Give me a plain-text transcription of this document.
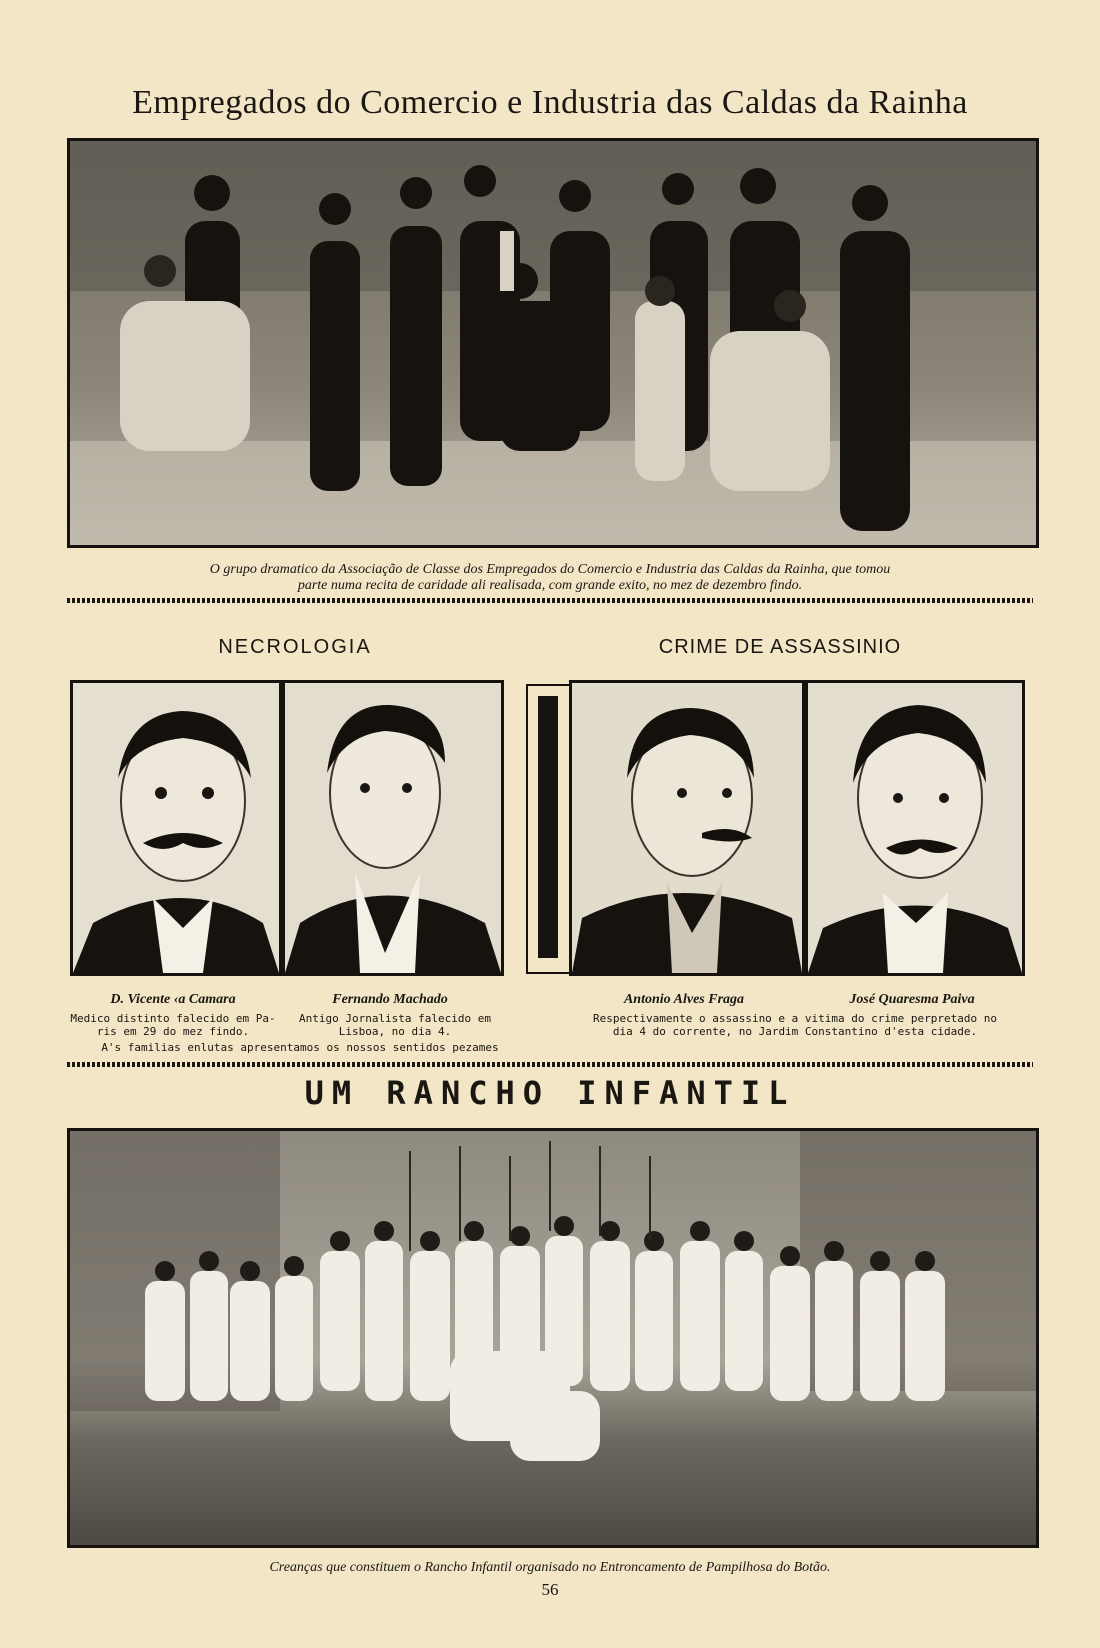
Empregados do Comercio e Industria das Caldas da Rainha
O grupo dramatico da Associação de Classe dos Empregados do Comercio e Industria das Caldas da Rainha, que tomou
parte numa recita de caridade ali realisada, com grande exito, no mez de dezembro findo.
NECROLOGIA	CRIME DE ASSASSINIO
D. Vicente ‹a Camara	Fernando Machado	Antonio Alves Fraga	José Quaresma Paiva
Medico distinto falecido em Pa-
ris em 29 do mez findo.
Antigo Jornalista falecido em
Lisboa, no dia 4.
A's familias enlutas apresentamos os nossos sentidos pezames
Respectivamente o assassino e a vitima do crime perpretado no
dia 4 do corrente, no Jardim Constantino d'esta cidade.
UM RANCHO INFANTIL
Creanças que constituem o Rancho Infantil organisado no Entroncamento de Pampilhosa do Botão.
56
